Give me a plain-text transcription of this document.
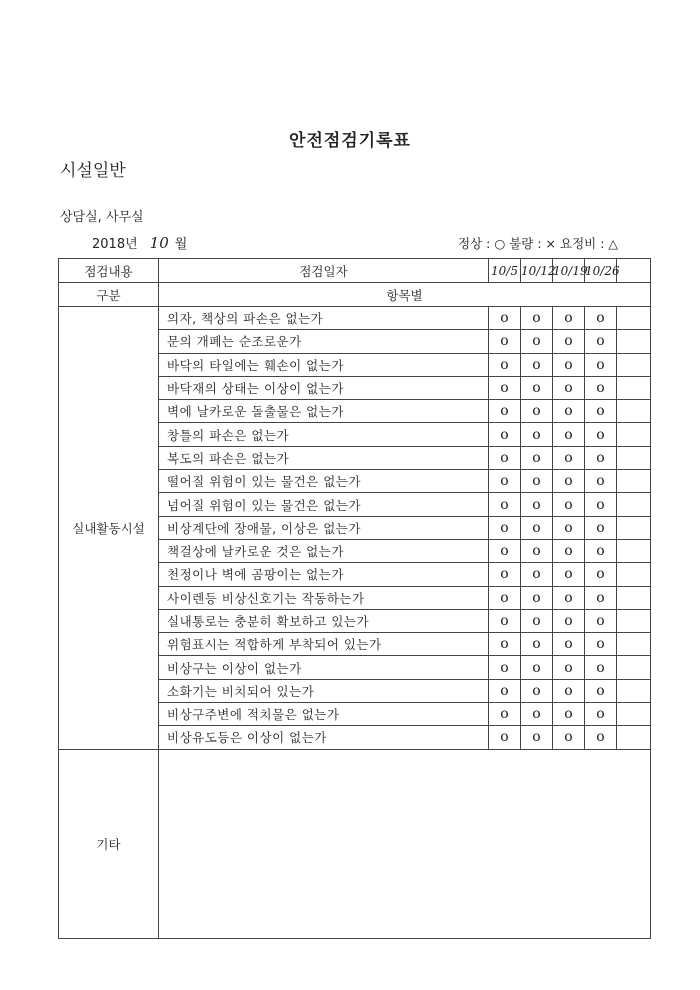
안전점검기록표
시설일반
상담실, 사무실
2018년 10 월	정상 : ○ 불량 : × 요정비 : △
점검내용	점검일자	10/5	10/12	10/19	10/26	
구분	항목별					
실내활동시설	의자, 책상의 파손은 없는가	o	o	o	o	
	문의 개폐는 순조로운가	o	o	o	o	
	바닥의 타일에는 훼손이 없는가	o	o	o	o	
	바닥재의 상태는 이상이 없는가	o	o	o	o	
	벽에 날카로운 돌출물은 없는가	o	o	o	o	
	창틀의 파손은 없는가	o	o	o	o	
	복도의 파손은 없는가	o	o	o	o	
	떨어질 위험이 있는 물건은 없는가	o	o	o	o	
	넘어질 위험이 있는 물건은 없는가	o	o	o	o	
	비상계단에 장애물, 이상은 없는가	o	o	o	o	
	책걸상에 날카로운 것은 없는가	o	o	o	o	
	천정이나 벽에 곰팡이는 없는가	o	o	o	o	
	사이렌등 비상신호기는 작동하는가	o	o	o	o	
	실내통로는 충분히 확보하고 있는가	o	o	o	o	
	위험표시는 적합하게 부착되어 있는가	o	o	o	o	
	비상구는 이상이 없는가	o	o	o	o	
	소화기는 비치되어 있는가	o	o	o	o	
	비상구주변에 적치물은 없는가	o	o	o	o	
	비상유도등은 이상이 없는가	o	o	o	o	
기타						
